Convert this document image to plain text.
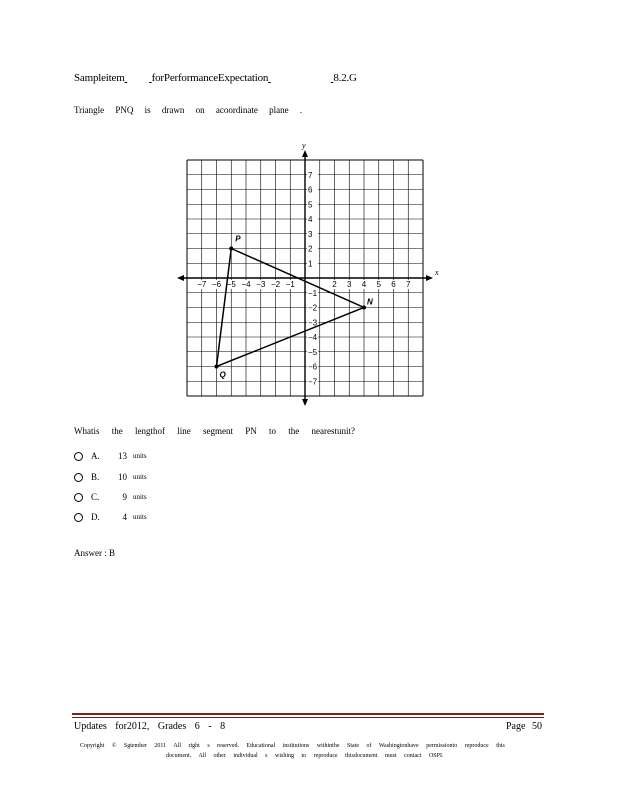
Sampleitem forPerformanceExpectation	8.2.G
Triangle PNQ is drawn on acoordinate plane .
x
y
−7 −6 −5 −4 −3 −2 −1	2 3 4 5 6 7
7
6
5
4
3
2
1
−1
−2
−3
−4
−5
−6
−7
P
N
Q
Whatis the lengthof line segment PN to the nearestunit?
A.	13 units
B.	10 units
C.	9 units
D.	4 units
Answer : B
Updates for2012, Grades 6 - 8	Page 50
Copyright © Sgtember 2011 All right s reserved. Educational institutions withinthe State of Washingtonhave permissionto reproduce this
document. All other individual s wishing to reproduce thisdocument must contact OSPI.
